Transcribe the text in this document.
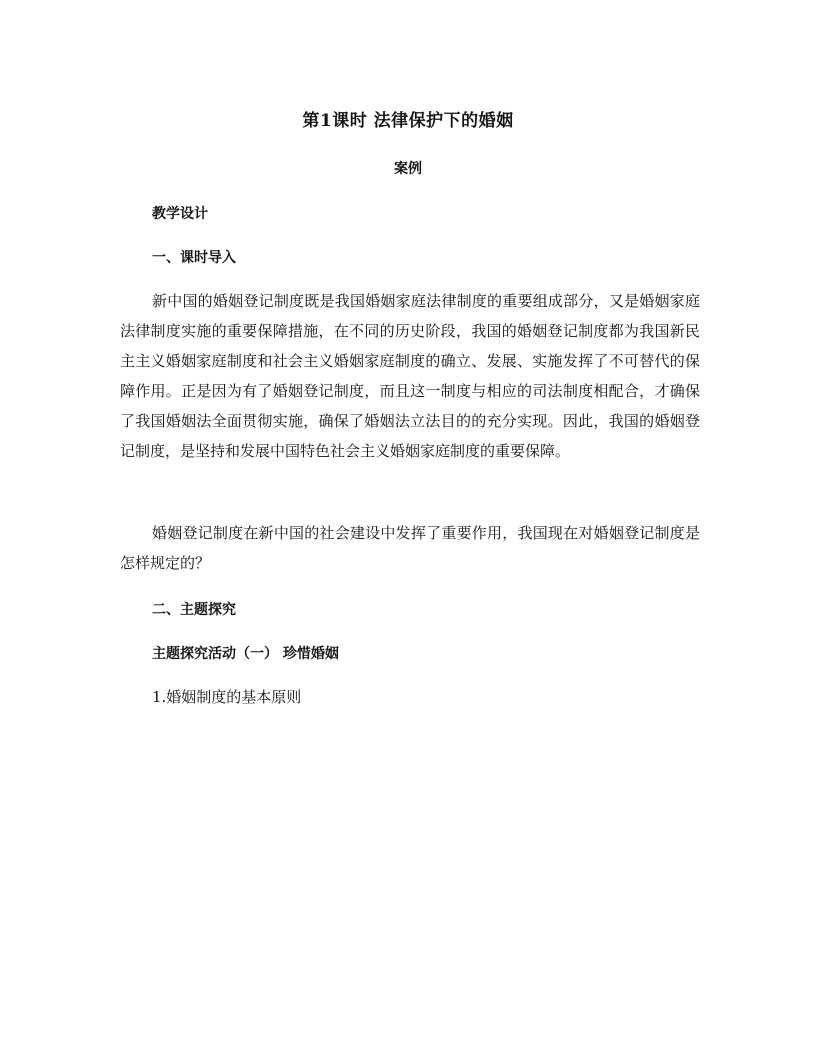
第1课时 法律保护下的婚姻
案例
教学设计
一、课时导入

新中国的婚姻登记制度既是我国婚姻家庭法律制度的重要组成部分，又是婚姻家庭法律制度实施的重要保障措施，在不同的历史阶段，我国的婚姻登记制度都为我国新民主主义婚姻家庭制度和社会主义婚姻家庭制度的确立、发展、实施发挥了不可替代的保障作用。正是因为有了婚姻登记制度，而且这一制度与相应的司法制度相配合，才确保了我国婚姻法全面贯彻实施，确保了婚姻法立法目的的充分实现。因此，我国的婚姻登记制度，是坚持和发展中国特色社会主义婚姻家庭制度的重要保障。

婚姻登记制度在新中国的社会建设中发挥了重要作用，我国现在对婚姻登记制度是怎样规定的？

二、主题探究
主题探究活动（一） 珍惜婚姻

1.婚姻制度的基本原则
